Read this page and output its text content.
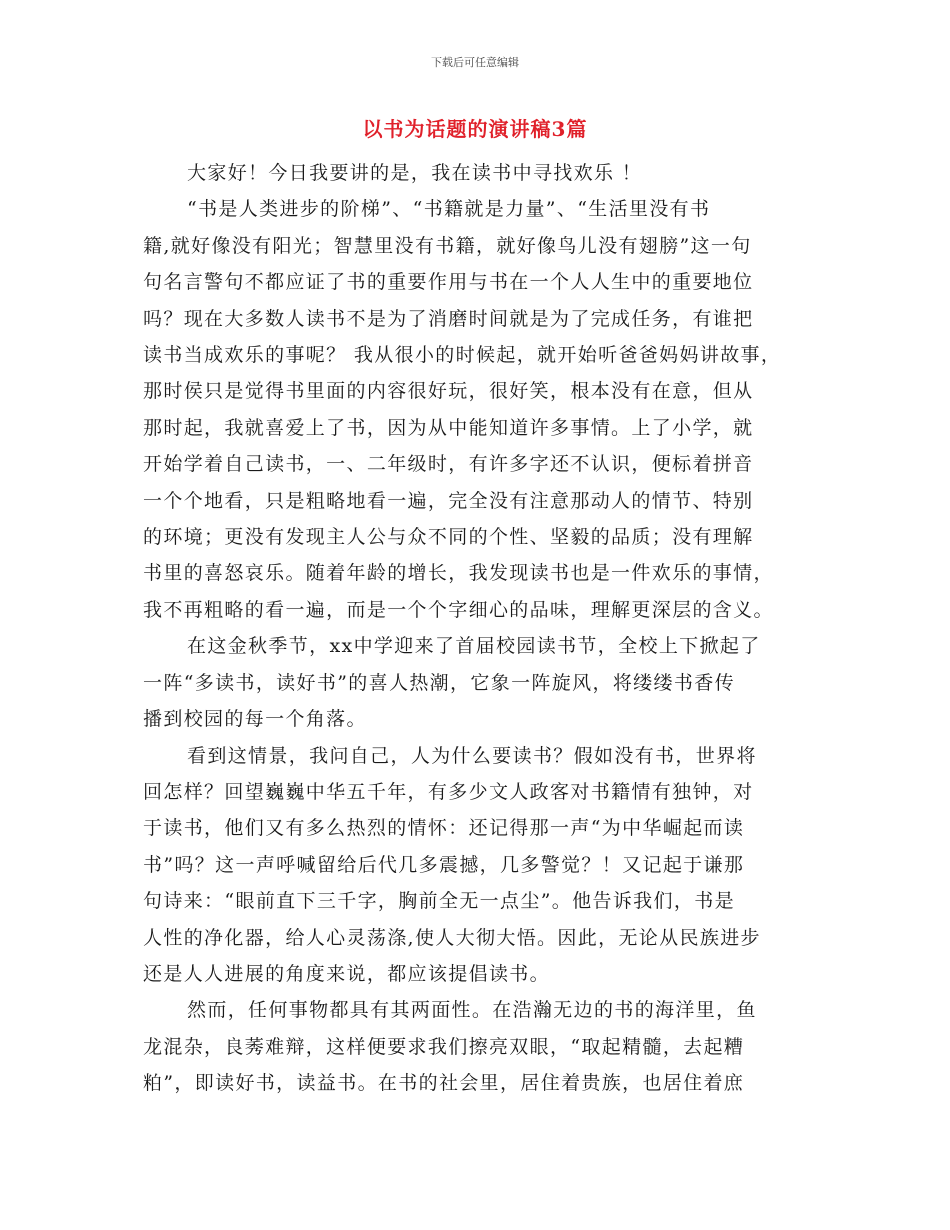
下载后可任意编辑
以书为话题的演讲稿3篇

大家好！今日我要讲的是，我在读书中寻找欢乐 ！

“书是人类进步的阶梯”、“书籍就是力量”、“生活里没有书
籍,就好像没有阳光；智慧里没有书籍，就好像鸟儿没有翅膀”这一句
句名言警句不都应证了书的重要作用与书在一个人人生中的重要地位
吗？现在大多数人读书不是为了消磨时间就是为了完成任务，有谁把
读书当成欢乐的事呢？ 我从很小的时候起，就开始听爸爸妈妈讲故事，
那时侯只是觉得书里面的内容很好玩，很好笑，根本没有在意，但从
那时起，我就喜爱上了书，因为从中能知道许多事情。上了小学，就
开始学着自己读书，一、二年级时，有许多字还不认识，便标着拼音
一个个地看，只是粗略地看一遍，完全没有注意那动人的情节、特别
的环境；更没有发现主人公与众不同的个性、坚毅的品质；没有理解
书里的喜怒哀乐。随着年龄的增长，我发现读书也是一件欢乐的事情，
我不再粗略的看一遍，而是一个个字细心的品味，理解更深层的含义。

在这金秋季节，xx中学迎来了首届校园读书节，全校上下掀起了
一阵“多读书，读好书”的喜人热潮，它象一阵旋风，将缕缕书香传
播到校园的每一个角落。

看到这情景，我问自己，人为什么要读书？假如没有书，世界将
回怎样？回望巍巍中华五千年，有多少文人政客对书籍情有独钟，对
于读书，他们又有多么热烈的情怀：还记得那一声“为中华崛起而读
书”吗？这一声呼喊留给后代几多震撼，几多警觉？！又记起于谦那
句诗来：“眼前直下三千字，胸前全无一点尘”。他告诉我们，书是
人性的净化器，给人心灵荡涤,使人大彻大悟。因此，无论从民族进步
还是人人进展的角度来说，都应该提倡读书。

然而，任何事物都具有其两面性。在浩瀚无边的书的海洋里，鱼
龙混杂，良莠难辩，这样便要求我们擦亮双眼，“取起精髓，去起糟
粕”，即读好书，读益书。在书的社会里，居住着贵族，也居住着庶
